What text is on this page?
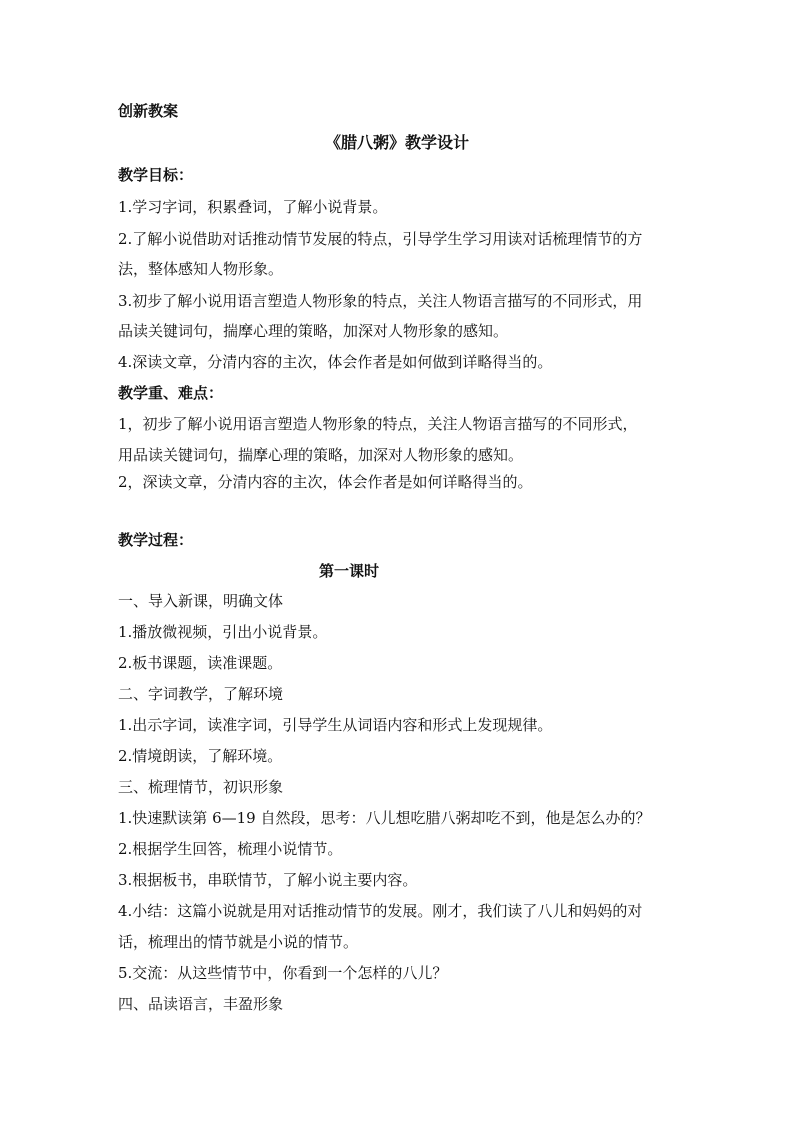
创新教案
《腊八粥》教学设计
教学目标：
1.学习字词，积累叠词，了解小说背景。
2.了解小说借助对话推动情节发展的特点，引导学生学习用读对话梳理情节的方
法，整体感知人物形象。
3.初步了解小说用语言塑造人物形象的特点，关注人物语言描写的不同形式，用
品读关键词句，揣摩心理的策略，加深对人物形象的感知。
4.深读文章，分清内容的主次，体会作者是如何做到详略得当的。
教学重、难点：
1，初步了解小说用语言塑造人物形象的特点，关注人物语言描写的不同形式，
用品读关键词句，揣摩心理的策略，加深对人物形象的感知。
2，深读文章，分清内容的主次，体会作者是如何详略得当的。
教学过程：
第一课时
一、导入新课，明确文体
1.播放微视频，引出小说背景。
2.板书课题，读准课题。
二、字词教学，了解环境
1.出示字词，读准字词，引导学生从词语内容和形式上发现规律。
2.情境朗读，了解环境。
三、梳理情节，初识形象
1.快速默读第 6—19 自然段，思考：八儿想吃腊八粥却吃不到，他是怎么办的？
2.根据学生回答，梳理小说情节。
3.根据板书，串联情节，了解小说主要内容。
4.小结：这篇小说就是用对话推动情节的发展。刚才，我们读了八儿和妈妈的对
话，梳理出的情节就是小说的情节。
5.交流：从这些情节中，你看到一个怎样的八儿？
四、品读语言，丰盈形象
